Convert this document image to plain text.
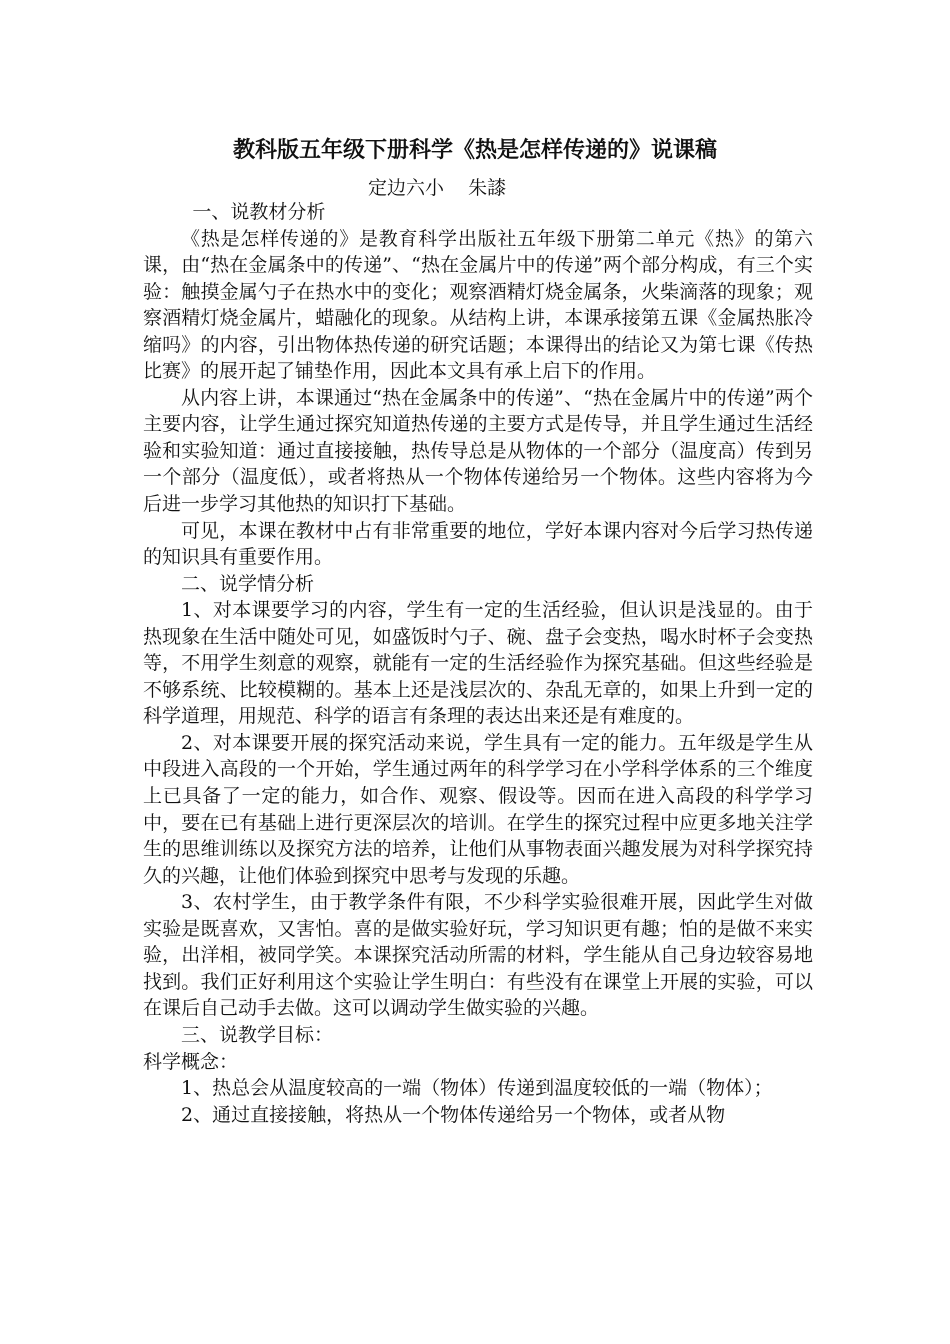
教科版五年级下册科学《热是怎样传递的》说课稿
定边六小    朱䜉

一、说教材分析

《热是怎样传递的》是教育科学出版社五年级下册第二单元《热》的第六课，由“热在金属条中的传递”、“热在金属片中的传递”两个部分构成，有三个实验：触摸金属勺子在热水中的变化；观察酒精灯烧金属条，火柴滴落的现象；观察酒精灯烧金属片，蜡融化的现象。从结构上讲，本课承接第五课《金属热胀冷缩吗》的内容，引出物体热传递的研究话题；本课得出的结论又为第七课《传热比赛》的展开起了铺垫作用，因此本文具有承上启下的作用。

从内容上讲，本课通过“热在金属条中的传递”、“热在金属片中的传递”两个主要内容，让学生通过探究知道热传递的主要方式是传导，并且学生通过生活经验和实验知道：通过直接接触，热传导总是从物体的一个部分（温度高）传到另一个部分（温度低），或者将热从一个物体传递给另一个物体。这些内容将为今后进一步学习其他热的知识打下基础。

可见，本课在教材中占有非常重要的地位，学好本课内容对今后学习热传递的知识具有重要作用。

二、说学情分析

1、对本课要学习的内容，学生有一定的生活经验，但认识是浅显的。由于热现象在生活中随处可见，如盛饭时勺子、碗、盘子会变热，喝水时杯子会变热等，不用学生刻意的观察，就能有一定的生活经验作为探究基础。但这些经验是不够系统、比较模糊的。基本上还是浅层次的、杂乱无章的，如果上升到一定的科学道理，用规范、科学的语言有条理的表达出来还是有难度的。

2、对本课要开展的探究活动来说，学生具有一定的能力。五年级是学生从中段进入高段的一个开始，学生通过两年的科学学习在小学科学体系的三个维度上已具备了一定的能力，如合作、观察、假设等。因而在进入高段的科学学习中，要在已有基础上进行更深层次的培训。在学生的探究过程中应更多地关注学生的思维训练以及探究方法的培养，让他们从事物表面兴趣发展为对科学探究持久的兴趣，让他们体验到探究中思考与发现的乐趣。

3、农村学生，由于教学条件有限，不少科学实验很难开展，因此学生对做实验是既喜欢，又害怕。喜的是做实验好玩，学习知识更有趣；怕的是做不来实验，出洋相，被同学笑。本课探究活动所需的材料，学生能从自己身边较容易地找到。我们正好利用这个实验让学生明白：有些没有在课堂上开展的实验，可以在课后自己动手去做。这可以调动学生做实验的兴趣。

三、说教学目标：

科学概念：

1、热总会从温度较高的一端（物体）传递到温度较低的一端（物体）；

2、通过直接接触，将热从一个物体传递给另一个物体，或者从物
